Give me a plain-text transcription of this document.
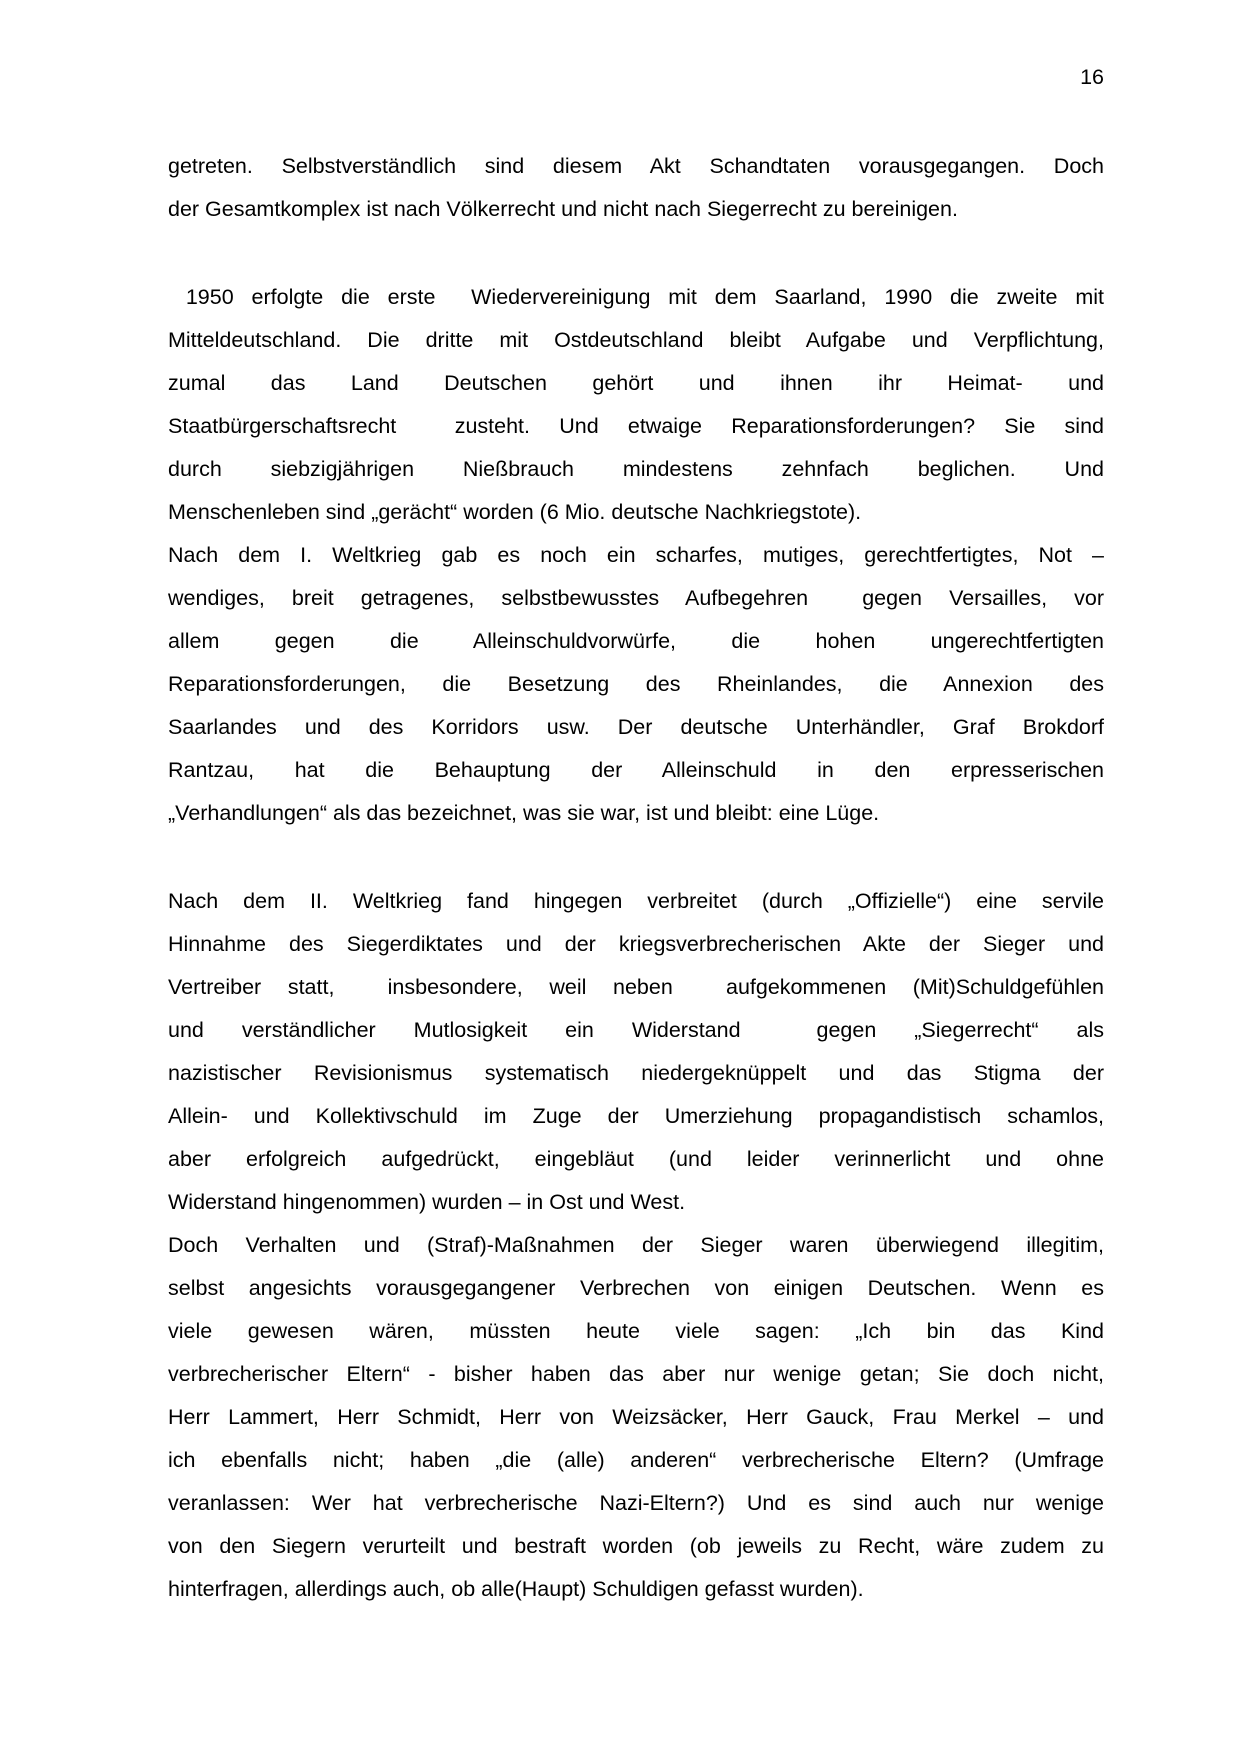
16
getreten. Selbstverständlich sind diesem Akt Schandtaten vorausgegangen. Doch
der Gesamtkomplex ist nach Völkerrecht und nicht nach Siegerrecht zu bereinigen.
1950 erfolgte die erste  Wiedervereinigung mit dem Saarland, 1990 die zweite mit
Mitteldeutschland. Die dritte mit Ostdeutschland bleibt Aufgabe und Verpflichtung,
zumal das Land Deutschen gehört und ihnen ihr Heimat- und
Staatbürgerschaftsrecht  zusteht. Und etwaige Reparationsforderungen? Sie sind
durch siebzigjährigen Nießbrauch mindestens zehnfach beglichen. Und
Menschenleben sind „gerächt“ worden (6 Mio. deutsche Nachkriegstote).
Nach dem I. Weltkrieg gab es noch ein scharfes, mutiges, gerechtfertigtes, Not –
wendiges, breit getragenes, selbstbewusstes Aufbegehren  gegen Versailles, vor
allem gegen die Alleinschuldvorwürfe, die hohen ungerechtfertigten
Reparationsforderungen, die Besetzung des Rheinlandes, die Annexion des
Saarlandes und des Korridors usw. Der deutsche Unterhändler, Graf Brokdorf
Rantzau, hat die Behauptung der Alleinschuld in den erpresserischen
„Verhandlungen“ als das bezeichnet, was sie war, ist und bleibt: eine Lüge.
Nach dem II. Weltkrieg fand hingegen verbreitet (durch „Offizielle“) eine servile
Hinnahme des Siegerdiktates und der kriegsverbrecherischen Akte der Sieger und
Vertreiber statt,  insbesondere, weil neben  aufgekommenen (Mit)Schuldgefühlen
und verständlicher Mutlosigkeit ein Widerstand  gegen „Siegerrecht“ als
nazistischer Revisionismus systematisch niedergeknüppelt und das Stigma der
Allein- und Kollektivschuld im Zuge der Umerziehung propagandistisch schamlos,
aber erfolgreich aufgedrückt, eingebläut (und leider verinnerlicht und ohne
Widerstand hingenommen) wurden – in Ost und West.
Doch Verhalten und (Straf)-Maßnahmen der Sieger waren überwiegend illegitim,
selbst angesichts vorausgegangener Verbrechen von einigen Deutschen. Wenn es
viele gewesen wären, müssten heute viele sagen: „Ich bin das Kind
verbrecherischer Eltern“ - bisher haben das aber nur wenige getan; Sie doch nicht,
Herr Lammert, Herr Schmidt, Herr von Weizsäcker, Herr Gauck, Frau Merkel – und
ich ebenfalls nicht; haben „die (alle) anderen“ verbrecherische Eltern? (Umfrage
veranlassen: Wer hat verbrecherische Nazi-Eltern?) Und es sind auch nur wenige
von den Siegern verurteilt und bestraft worden (ob jeweils zu Recht, wäre zudem zu
hinterfragen, allerdings auch, ob alle(Haupt) Schuldigen gefasst wurden).
